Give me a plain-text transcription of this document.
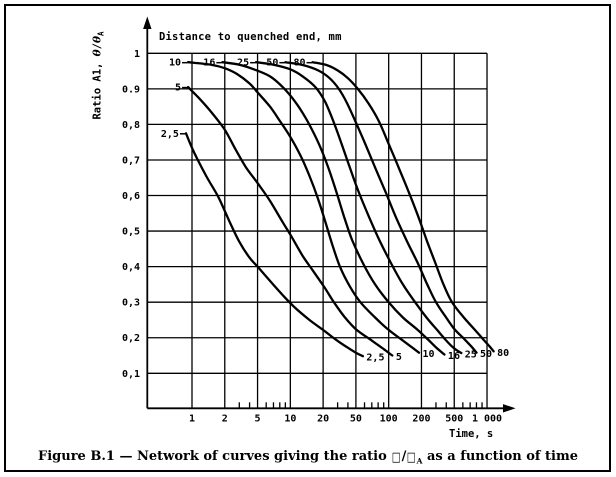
1	2	5 10 20 50 100 200 500 1 000
1
0.9
0,8
0,7
0,6
0,5
0,4
0,3
0,2
0,1
2,5
2,5
5
5
10
10
16
16
25
25
50
50
80
80
Distance to quenched end, mm
Time, s
Ratio A1, $\theta/\theta_A$
Figure B.1 — Network of curves giving the ratio $□/□_A$ as a function of time
